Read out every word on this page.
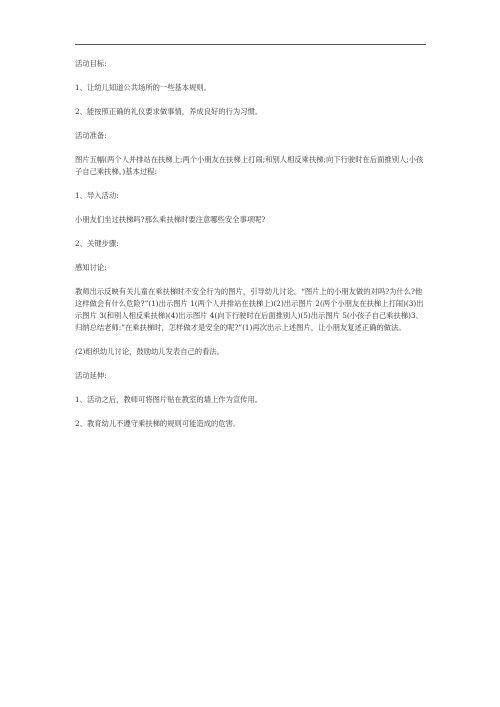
活动目标:

1、让幼儿知道公共场所的一些基本规则。

2、能按照正确的礼仪要求做事情，养成良好的行为习惯。

活动准备:

图片五幅(两个人并排站在扶梯上;两个小朋友在扶梯上打闹;和别人相反乘扶梯;向下行驶时在后面推别人;小孩子自己乘扶梯。)基本过程:

1、导入活动:

小朋友们坐过扶梯吗?那么乘扶梯时要注意哪些安全事项呢?

2、关键步骤:

感知讨论:

教师出示反映有关儿童在乘扶梯时不安全行为的图片，引导幼儿讨论。“图片上的小朋友做的对吗?为什么?他这样做会有什么危险?”(1)出示图片 1(两个人并排站在扶梯上)(2)出示图片 2(两个小朋友在扶梯上打闹)(3)出示图片 3(和别人相反乘扶梯)(4)出示图片 4(向下行驶时在后面推别人)(5)出示图片 5(小孩子自己乘扶梯)3、归纳总结老师:”在乘扶梯时，怎样做才是安全的呢?”(1)再次出示上述图片，让小朋友复述正确的做法。

(2)组织幼儿讨论，鼓励幼儿发表自己的看法。

活动延伸:

1、活动之后，教师可将图片贴在教室的墙上作为宣传用。

2、教育幼儿不遵守乘扶梯的规则可能造成的危害。
